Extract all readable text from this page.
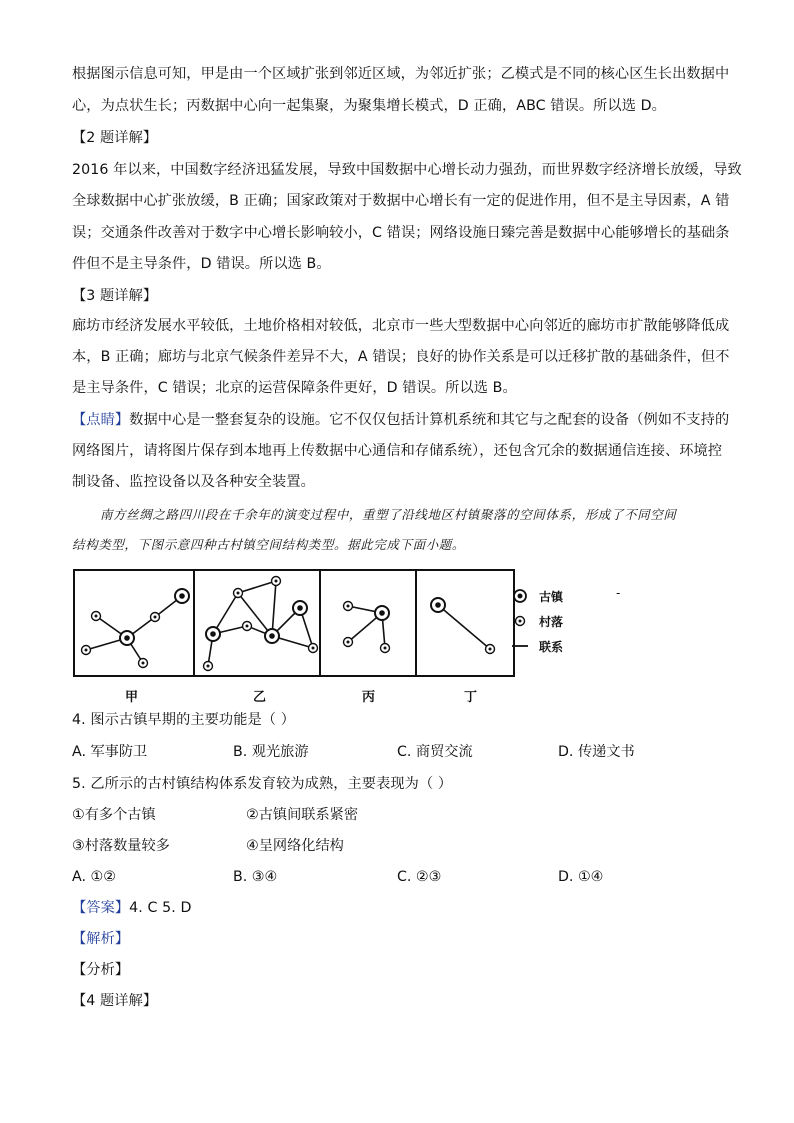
根据图示信息可知，甲是由一个区域扩张到邻近区域，为邻近扩张；乙模式是不同的核心区生长出数据中
心，为点状生长；丙数据中心向一起集聚，为聚集增长模式，D 正确，ABC 错误。所以选 D。
【2 题详解】
2016 年以来，中国数字经济迅猛发展，导致中国数据中心增长动力强劲，而世界数字经济增长放缓，导致
全球数据中心扩张放缓，B 正确；国家政策对于数据中心增长有一定的促进作用，但不是主导因素，A 错
误；交通条件改善对于数字中心增长影响较小，C 错误；网络设施日臻完善是数据中心能够增长的基础条
件但不是主导条件，D 错误。所以选 B。
【3 题详解】
廊坊市经济发展水平较低，土地价格相对较低，北京市一些大型数据中心向邻近的廊坊市扩散能够降低成
本，B 正确；廊坊与北京气候条件差异不大，A 错误；良好的协作关系是可以迁移扩散的基础条件，但不
是主导条件，C 错误；北京的运营保障条件更好，D 错误。所以选 B。
【点睛】数据中心是一整套复杂的设施。它不仅仅包括计算机系统和其它与之配套的设备（例如不支持的
网络图片，请将图片保存到本地再上传数据中心通信和存储系统），还包含冗余的数据通信连接、环境控
制设备、监控设备以及各种安全装置。
南方丝绸之路四川段在千余年的演变过程中，重塑了沿线地区村镇聚落的空间体系，形成了不同空间
结构类型，下图示意四种古村镇空间结构类型。据此完成下面小题。
古镇	-
村落
联系
甲	乙	丙	丁
4. 图示古镇早期的主要功能是（ ）
A. 军事防卫	B. 观光旅游	C. 商贸交流	D. 传递文书
5. 乙所示的古村镇结构体系发育较为成熟，主要表现为（ ）
①有多个古镇	②古镇间联系紧密
③村落数量较多	④呈网络化结构
A. ①②	B. ③④	C. ②③	D. ①④
【答案】4. C 5. D
【解析】
【分析】
【4 题详解】
